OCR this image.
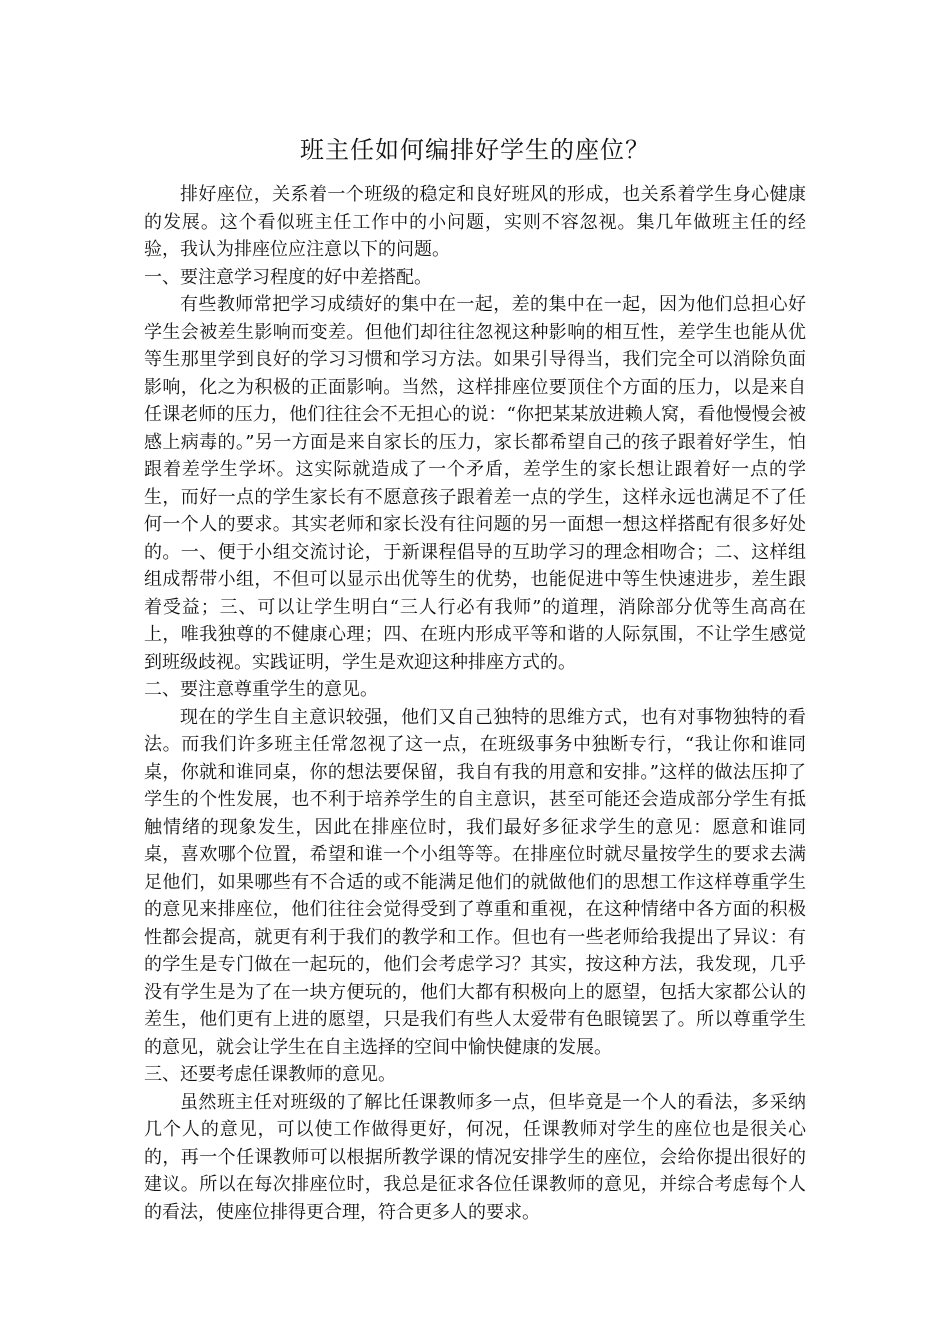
班主任如何编排好学生的座位？

排好座位，关系着一个班级的稳定和良好班风的形成，也关系着学生身心健康的发展。这个看似班主任工作中的小问题，实则不容忽视。集几年做班主任的经验，我认为排座位应注意以下的问题。

一、要注意学习程度的好中差搭配。

有些教师常把学习成绩好的集中在一起，差的集中在一起，因为他们总担心好学生会被差生影响而变差。但他们却往往忽视这种影响的相互性，差学生也能从优等生那里学到良好的学习习惯和学习方法。如果引导得当，我们完全可以消除负面影响，化之为积极的正面影响。当然，这样排座位要顶住个方面的压力，以是来自任课老师的压力，他们往往会不无担心的说：“你把某某放进赖人窝，看他慢慢会被感上病毒的。”另一方面是来自家长的压力，家长都希望自己的孩子跟着好学生，怕跟着差学生学坏。这实际就造成了一个矛盾，差学生的家长想让跟着好一点的学生，而好一点的学生家长有不愿意孩子跟着差一点的学生，这样永远也满足不了任何一个人的要求。其实老师和家长没有往问题的另一面想一想这样搭配有很多好处的。一、便于小组交流讨论，于新课程倡导的互助学习的理念相吻合；二、这样组组成帮带小组，不但可以显示出优等生的优势，也能促进中等生快速进步，差生跟着受益；三、可以让学生明白“三人行必有我师”的道理，消除部分优等生高高在上，唯我独尊的不健康心理；四、在班内形成平等和谐的人际氛围，不让学生感觉到班级歧视。实践证明，学生是欢迎这种排座方式的。

二、要注意尊重学生的意见。

现在的学生自主意识较强，他们又自己独特的思维方式，也有对事物独特的看法。而我们许多班主任常忽视了这一点，在班级事务中独断专行，“我让你和谁同桌，你就和谁同桌，你的想法要保留，我自有我的用意和安排。”这样的做法压抑了学生的个性发展，也不利于培养学生的自主意识，甚至可能还会造成部分学生有抵触情绪的现象发生，因此在排座位时，我们最好多征求学生的意见：愿意和谁同桌，喜欢哪个位置，希望和谁一个小组等等。在排座位时就尽量按学生的要求去满足他们，如果哪些有不合适的或不能满足他们的就做他们的思想工作这样尊重学生的意见来排座位，他们往往会觉得受到了尊重和重视，在这种情绪中各方面的积极性都会提高，就更有利于我们的教学和工作。但也有一些老师给我提出了异议：有的学生是专门做在一起玩的，他们会考虑学习？其实，按这种方法，我发现，几乎没有学生是为了在一块方便玩的，他们大都有积极向上的愿望，包括大家都公认的差生，他们更有上进的愿望，只是我们有些人太爱带有色眼镜罢了。所以尊重学生的意见，就会让学生在自主选择的空间中愉快健康的发展。

三、还要考虑任课教师的意见。

虽然班主任对班级的了解比任课教师多一点，但毕竟是一个人的看法，多采纳几个人的意见，可以使工作做得更好，何况，任课教师对学生的座位也是很关心的，再一个任课教师可以根据所教学课的情况安排学生的座位，会给你提出很好的建议。所以在每次排座位时，我总是征求各位任课教师的意见，并综合考虑每个人的看法，使座位排得更合理，符合更多人的要求。
